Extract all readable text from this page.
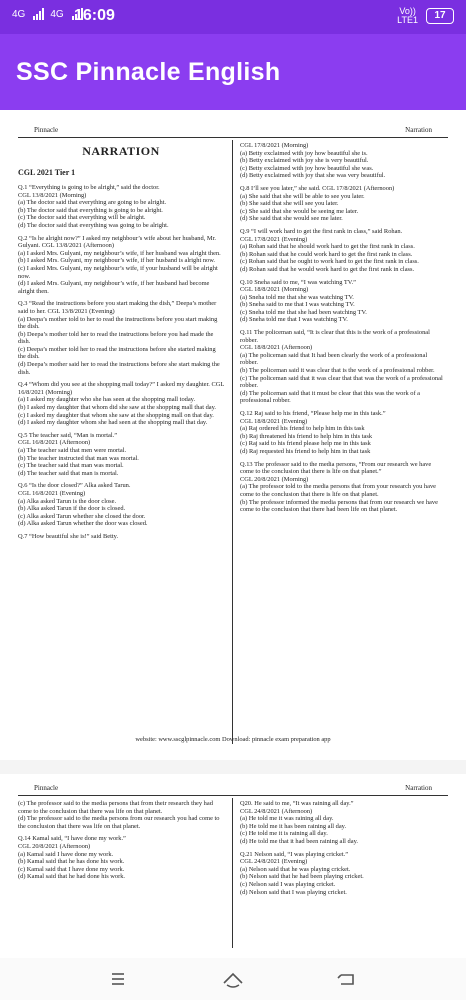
4G	4G 16:09	Vo))
LTE1	17
SSC Pinnacle English
Pinnacle	Narration
NARRATION
CGL 2021 Tier 1

Q.1 “Everything is going to be alright,” said the doctor.

CGL 13/8/2021 (Morning)

(a) The doctor said that everything are going to be alright.

(b) The doctor said that everything is going to be alright.

(c) The doctor said that everything will be alright.

(d) The doctor said that everything was going to be alright.

Q.2 “Is he alright now?” I asked my neighbour’s wife about her husband, Mr. Gulyani. CGL 13/8/2021 (Afternoon)

(a) I asked Mrs. Gulyani, my neighbour’s wife, if her husband was alright then.

(b) I asked Mrs. Gulyani, my neighbour’s wife, if her husband is alright now.

(c) I asked Mrs. Gulyani, my neighbour’s wife, if your husband will be alright now.

(d) I asked Mrs. Gulyani, my neighbour’s wife, if her husband had become alright then.

Q.3 “Read the instructions before you start making the dish,” Deepa’s mother said to her. CGL 13/8/2021 (Evening)

(a) Deepa’s mother told to her to read the instructions before you start making the dish.

(b) Deepa’s mother told her to read the instructions before you had made the dish.

(c) Deepa’s mother told her to read the instructions before she started making the dish.

(d) Deepa’s mother said her to read the instructions before she start making the dish.

Q.4 “Whom did you see at the shopping mall today?” I asked my daughter. CGL 16/8/2021 (Morning)

(a) I asked my daughter who she has seen at the shopping mall today.

(b) I asked my daughter that whom did she saw at the shopping mall that day.

(c) I asked my daughter that whom she saw at the shopping mall on that day.

(d) I asked my daughter whom she had seen at the shopping mall that day.

Q.5 The teacher said, “Man is mortal.”

CGL 16/8/2021 (Afternoon)

(a) The teacher said that men were mortal.

(b) The teacher instructed that man was mortal.

(c) The teacher said that man was mortal.

(d) The teacher said that man is mortal.

Q.6 “Is the door closed?” Alka asked Tarun.

CGL 16/8/2021 (Evening)

(a) Alka asked Tarun is the door close.

(b) Alka asked Tarun if the door is closed.

(c) Alka asked Tarun whether she closed the door.

(d) Alka asked Tarun whether the door was closed.

Q.7 “How beautiful she is!” said Betty.

CGL 17/8/2021 (Morning)

(a) Betty exclaimed with joy how beautiful she is.

(b) Betty exclaimed with joy she is very beautiful.

(c) Betty exclaimed with joy how beautiful she was.

(d) Betty exclaimed with joy that she was very beautiful.

Q.8 I’ll see you later,” she said. CGL 17/8/2021 (Afternoon)

(a) She said that she will be able to see you later.

(b) She said that she will see you later.

(c) She said that she would be seeing me later.

(d) She said that she would see me later.

Q.9 “I will work hard to get the first rank in class,” said Rohan.

CGL 17/8/2021 (Evening)

(a) Rohan said that he should work hard to get the first rank in class.

(b) Rohan said that he could work hard to get the first rank in class.

(c) Rohan said that he ought to work hard to get the first rank in class.

(d) Rohan said that he would work hard to get the first rank in class.

Q.10 Sneha said to me, “I was watching TV.”

CGL 18/8/2021 (Morning)

(a) Sneha told me that she was watching TV.

(b) Sneha said to me that I was watching TV.

(c) Sneha told me that she had been watching TV.

(d) Sneha told me that I was watching TV.

Q.11 The policeman said, “It is clear that this is the work of a professional robber.

CGL 18/8/2021 (Afternoon)

(a) The policeman said that It had been clearly the work of a professional robber.

(b) The policeman said it was clear that is the work of a professional robber.

(c) The policeman said that it was clear that that was the work of a professional robber.

(d) The policeman said that it must be clear that this was the work of a professional robber.

Q.12 Raj said to his friend, “Please help me in this task.”

CGL 18/8/2021 (Evening)

(a) Raj ordered his friend to help him in this task

(b) Raj threatened his friend to help him in this task

(c) Raj said to his friend please help me in this task

(d) Raj requested his friend to help him in that task

Q.13 The professor said to the media persons, “From our research we have come to the conclusion that there is life on that planet.”

CGL 20/8/2021 (Morning)

(a) The professor told to the media persons that from your research you have come to the conclusion that there is life on that planet.

(b) The professor informed the media persons that from our research we have come to the conclusion that there had been life on that planet.

website: www.sscglpinnacle.com Download: pinnacle exam preparation app
Pinnacle	Narration

(c) The professor said to the media persons that from their research they had come to the conclusion that there was life on that planet.

(d) The professor said to the media persons from our research you had come to the conclusion that there was life on that planet.

Q.14 Kamal said, “I have done my work.”

CGL 20/8/2021 (Afternoon)

(a) Kamal said I have done my work.

(b) Kamal said that he has done his work.

(c) Kamal said that I have done my work.

(d) Kamal said that he had done his work.

Q20. He said to me, “It was raining all day.”

CGL 24/8/2021 (Afternoon)

(a) He told me it was raining all day.

(b) He told me it has been raining all day.

(c) He told me it is raining all day.

(d) He told me that it had been raining all day.

Q.21 Nelson said, “I was playing cricket.”

CGL 24/8/2021 (Evening)

(a) Nelson said that he was playing cricket.

(b) Nelson said that he had been playing cricket.

(c) Nelson said I was playing cricket.

(d) Nelson said that I was playing cricket.
